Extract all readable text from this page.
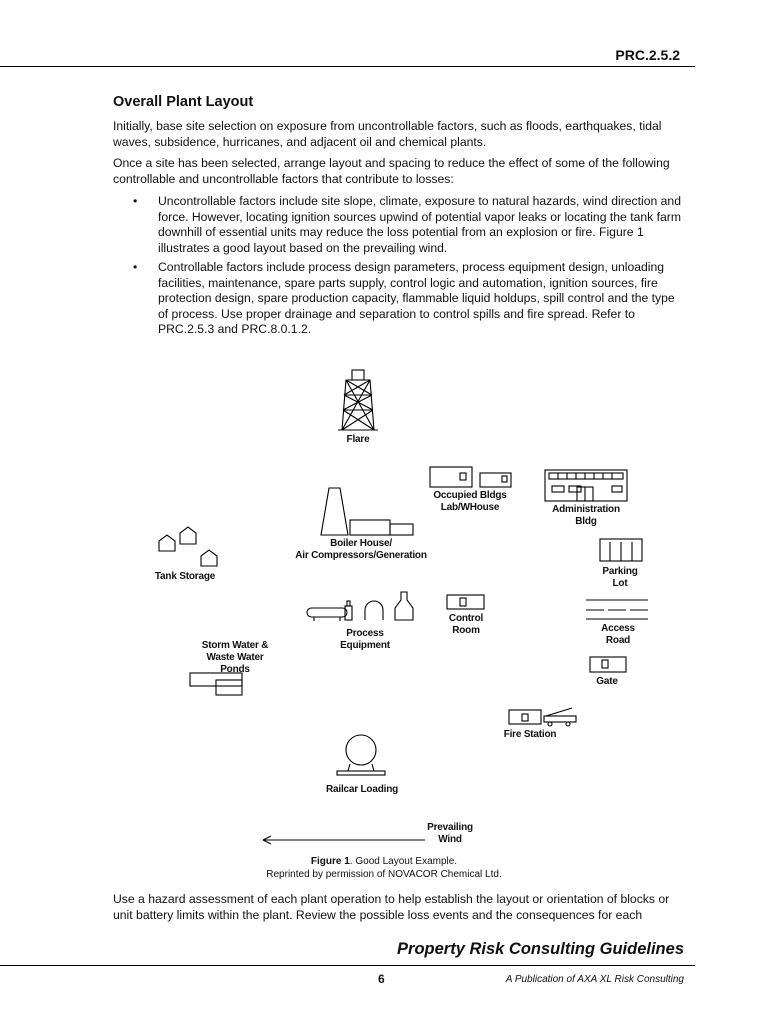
PRC.2.5.2
Overall Plant Layout
Initially, base site selection on exposure from uncontrollable factors, such as floods, earthquakes, tidal waves, subsidence, hurricanes, and adjacent oil and chemical plants.
Once a site has been selected, arrange layout and spacing to reduce the effect of some of the following controllable and uncontrollable factors that contribute to losses:
• Uncontrollable factors include site slope, climate, exposure to natural hazards, wind direction and force. However, locating ignition sources upwind of potential vapor leaks or locating the tank farm downhill of essential units may reduce the loss potential from an explosion or fire. Figure 1 illustrates a good layout based on the prevailing wind.
• Controllable factors include process design parameters, process equipment design, unloading facilities, maintenance, spare parts supply, control logic and automation, ignition sources, fire protection design, spare production capacity, flammable liquid holdups, spill control and the type of process. Use proper drainage and separation to control spills and fire spread. Refer to PRC.2.5.3 and PRC.8.0.1.2.
Flare
Occupied Bldgs
Lab/WHouse	Administration
Bldg
Boiler House/
Air Compressors/Generation
Tank Storage	Parking
Lot
Control
Room	Access
Road
Process
Equipment
Storm Water &
Waste Water
Ponds
Gate
Fire Station
Railcar Loading
Prevailing
Wind
Figure 1. Good Layout Example.
Reprinted by permission of NOVACOR Chemical Ltd.
Use a hazard assessment of each plant operation to help establish the layout or orientation of blocks or unit battery limits within the plant. Review the possible loss events and the consequences for each
Property Risk Consulting Guidelines
6	A Publication of AXA XL Risk Consulting
